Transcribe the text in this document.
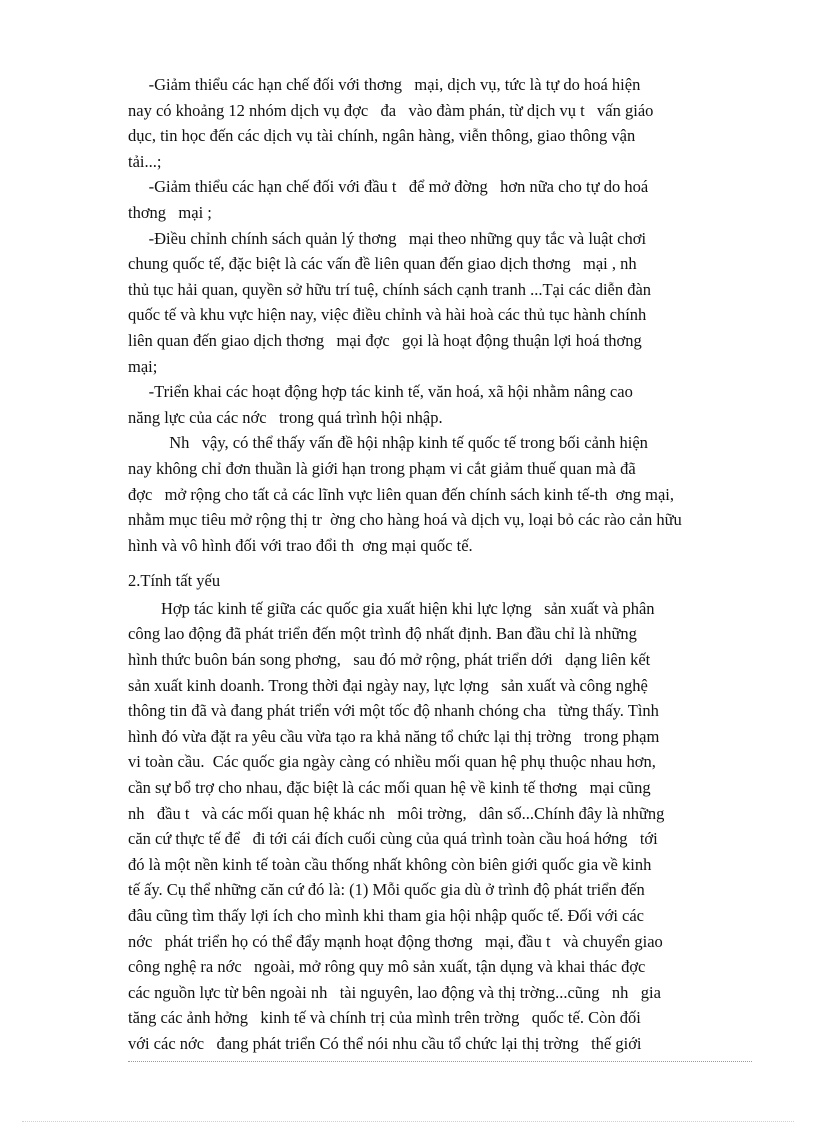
-Giảm thiểu các hạn chế đối với thơng   mại, dịch vụ, tức là tự do hoá hiện
nay có khoảng 12 nhóm dịch vụ đợc   đa   vào đàm phán, từ dịch vụ t   vấn giáo
dục, tin học đến các dịch vụ tài chính, ngân hàng, viễn thông, giao thông vận
tải...;
-Giảm thiểu các hạn chế đối với đầu t   để mở đờng   hơn nữa cho tự do hoá
thơng   mại ;
-Điều chỉnh chính sách quản lý thơng   mại theo những quy tắc và luật chơi
chung quốc tế, đặc biệt là các vấn đề liên quan đến giao dịch thơng   mại , nh
thủ tục hải quan, quyền sở hữu trí tuệ, chính sách cạnh tranh ...Tại các diễn đàn
quốc tế và khu vực hiện nay, việc điều chỉnh và hài hoà các thủ tục hành chính
liên quan đến giao dịch thơng   mại đợc   gọi là hoạt động thuận lợi hoá thơng
mại;
-Triển khai các hoạt động hợp tác kinh tế, văn hoá, xã hội nhằm nâng cao
năng lực của các nớc   trong quá trình hội nhập.
Nh   vậy, có thể thấy vấn đề hội nhập kinh tế quốc tế trong bối cảnh hiện
nay không chỉ đơn thuần là giới hạn trong phạm vi cắt giảm thuế quan mà đã
đợc   mở rộng cho tất cả các lĩnh vực liên quan đến chính sách kinh tế-th  ơng mại,
nhằm mục tiêu mở rộng thị tr  ờng cho hàng hoá và dịch vụ, loại bỏ các rào cản hữu
hình và vô hình đối với trao đổi th  ơng mại quốc tế.
2.Tính tất yếu
Hợp tác kinh tế giữa các quốc gia xuất hiện khi lực lợng   sản xuất và phân
công lao động đã phát triển đến một trình độ nhất định. Ban đầu chỉ là những
hình thức buôn bán song phơng,   sau đó mở rộng, phát triển dới   dạng liên kết
sản xuất kinh doanh. Trong thời đại ngày nay, lực lợng   sản xuất và công nghệ
thông tin đã và đang phát triển với một tốc độ nhanh chóng cha   từng thấy. Tình
hình đó vừa đặt ra yêu cầu vừa tạo ra khả năng tổ chức lại thị trờng   trong phạm
vi toàn cầu.  Các quốc gia ngày càng có nhiều mối quan hệ phụ thuộc nhau hơn,
cần sự bổ trợ cho nhau, đặc biệt là các mối quan hệ về kinh tế thơng   mại cũng
nh   đầu t   và các mối quan hệ khác nh   môi trờng,   dân số...Chính đây là những
căn cứ thực tế để   đi tới cái đích cuối cùng của quá trình toàn cầu hoá hớng   tới
đó là một nền kinh tế toàn cầu thống nhất không còn biên giới quốc gia về kinh
tế ấy. Cụ thể những căn cứ đó là: (1) Mỗi quốc gia dù ở trình độ phát triển đến
đâu cũng tìm thấy lợi ích cho mình khi tham gia hội nhập quốc tế. Đối với các
nớc   phát triển họ có thể đẩy mạnh hoạt động thơng   mại, đầu t   và chuyển giao
công nghệ ra nớc   ngoài, mở rông quy mô sản xuất, tận dụng và khai thác đợc
các nguồn lực từ bên ngoài nh   tài nguyên, lao động và thị trờng...cũng   nh   gia
tăng các ảnh hởng   kinh tế và chính trị của mình trên trờng   quốc tế. Còn đối
với các nớc   đang phát triển Có thể nói nhu cầu tổ chức lại thị trờng   thế giới
